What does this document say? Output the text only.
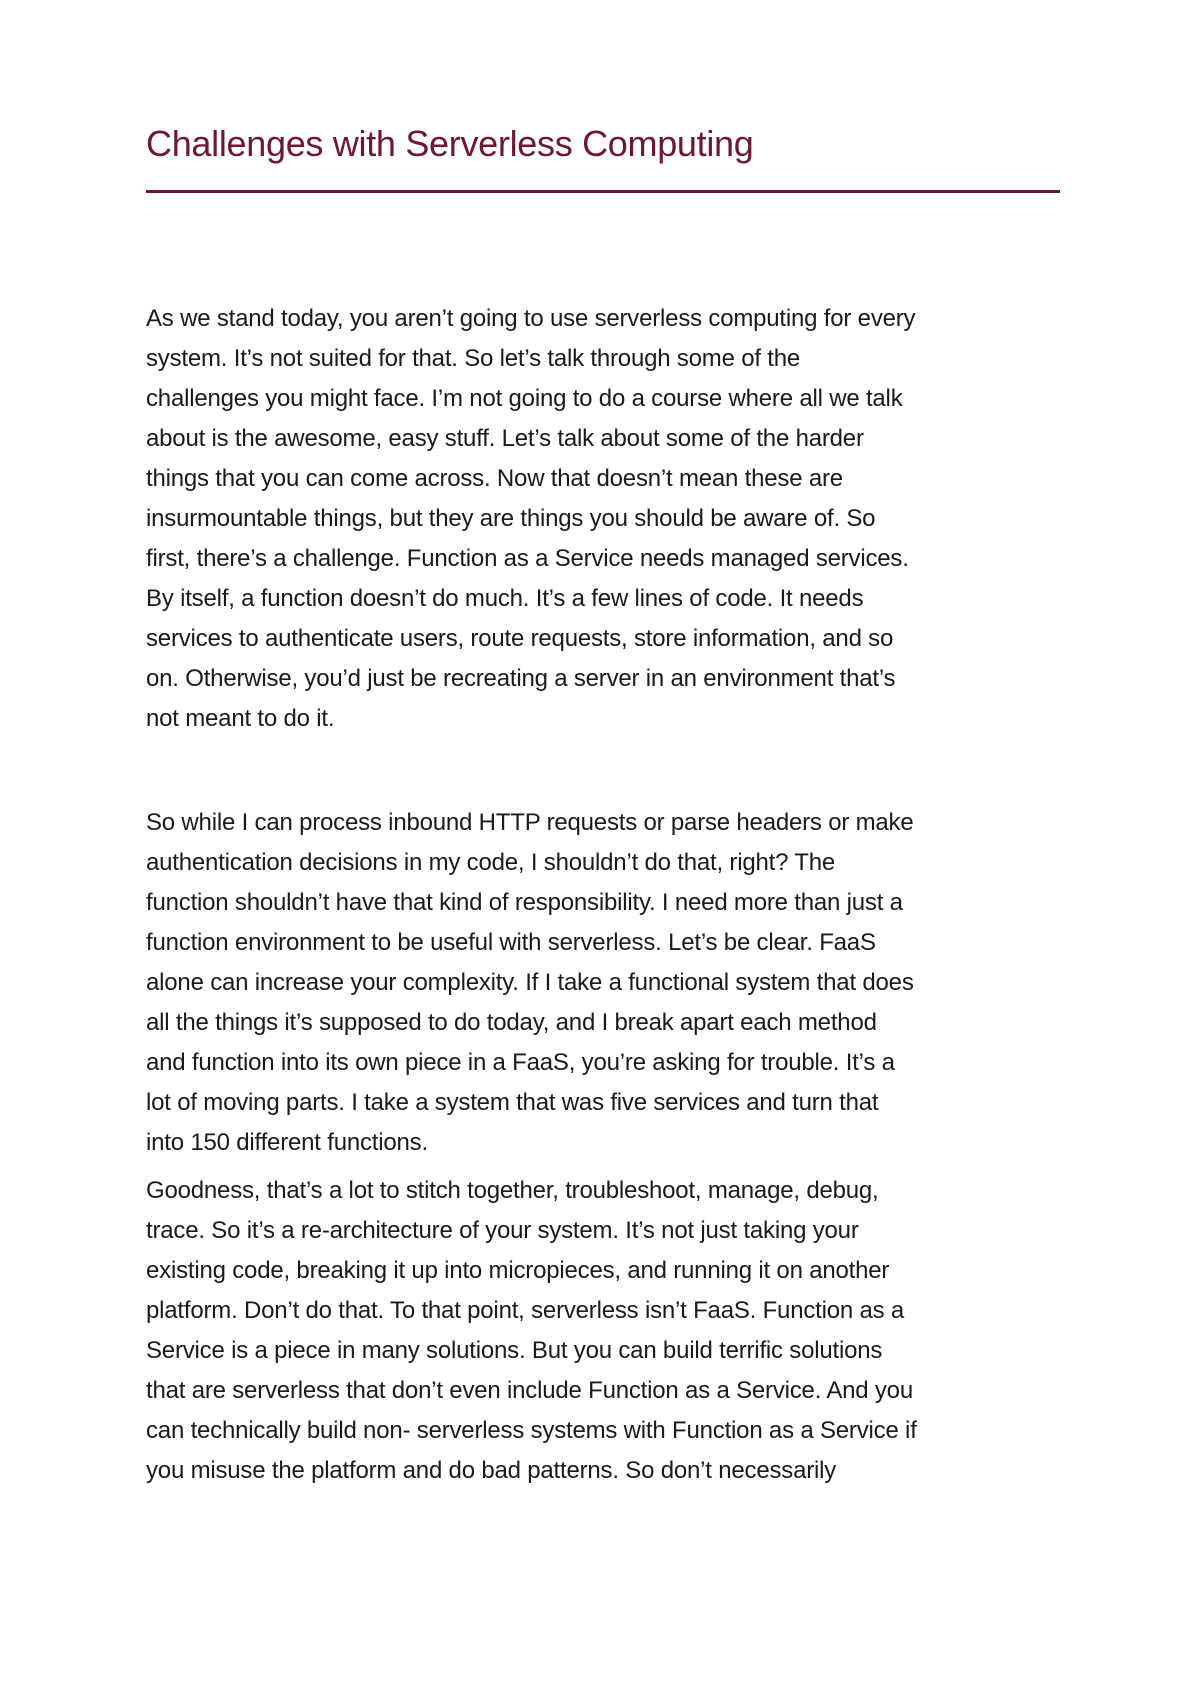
Challenges with Serverless Computing

As we stand today, you aren’t going to use serverless computing for every
system. It’s not suited for that. So let’s talk through some of the
challenges you might face. I’m not going to do a course where all we talk
about is the awesome, easy stuff. Let’s talk about some of the harder
things that you can come across. Now that doesn’t mean these are
insurmountable things, but they are things you should be aware of. So
first, there’s a challenge. Function as a Service needs managed services.
By itself, a function doesn’t do much. It’s a few lines of code. It needs
services to authenticate users, route requests, store information, and so
on. Otherwise, you’d just be recreating a server in an environment that’s
not meant to do it.

So while I can process inbound HTTP requests or parse headers or make
authentication decisions in my code, I shouldn’t do that, right? The
function shouldn’t have that kind of responsibility. I need more than just a
function environment to be useful with serverless. Let’s be clear. FaaS
alone can increase your complexity. If I take a functional system that does
all the things it’s supposed to do today, and I break apart each method
and function into its own piece in a FaaS, you’re asking for trouble. It’s a
lot of moving parts. I take a system that was five services and turn that
into 150 different functions.

Goodness, that’s a lot to stitch together, troubleshoot, manage, debug,
trace. So it’s a re-architecture of your system. It’s not just taking your
existing code, breaking it up into micropieces, and running it on another
platform. Don’t do that. To that point, serverless isn’t FaaS. Function as a
Service is a piece in many solutions. But you can build terrific solutions
that are serverless that don’t even include Function as a Service. And you
can technically build non- serverless systems with Function as a Service if
you misuse the platform and do bad patterns. So don’t necessarily
